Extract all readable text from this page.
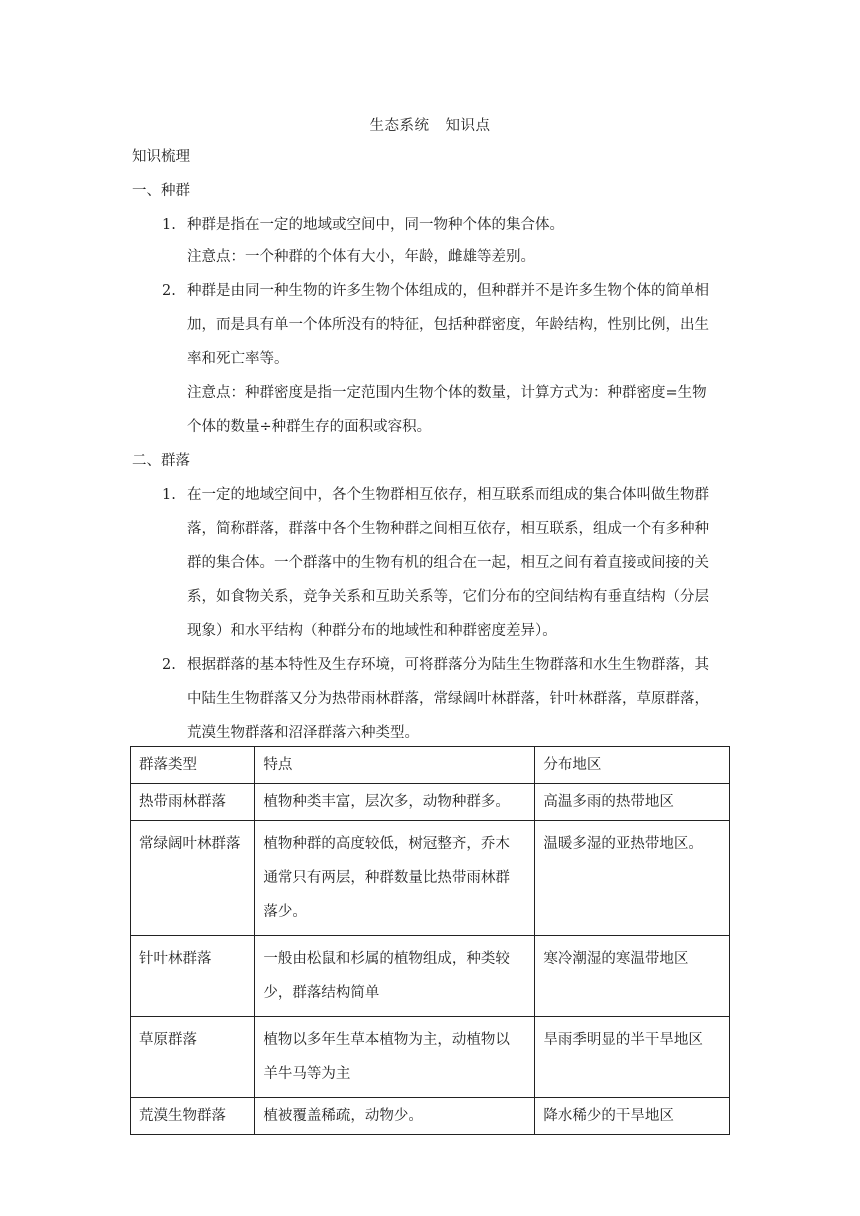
生态系统 知识点
知识梳理
一、种群
1. 种群是指在一定的地域或空间中，同一物种个体的集合体。
注意点：一个种群的个体有大小，年龄，雌雄等差别。
2. 种群是由同一种生物的许多生物个体组成的，但种群并不是许多生物个体的简单相
加，而是具有单一个体所没有的特征，包括种群密度，年龄结构，性别比例，出生
率和死亡率等。
注意点：种群密度是指一定范围内生物个体的数量，计算方式为：种群密度=生物
个体的数量÷种群生存的面积或容积。
二、群落
1. 在一定的地域空间中，各个生物群相互依存，相互联系而组成的集合体叫做生物群
落，简称群落，群落中各个生物种群之间相互依存，相互联系，组成一个有多种种
群的集合体。一个群落中的生物有机的组合在一起，相互之间有着直接或间接的关
系，如食物关系，竞争关系和互助关系等，它们分布的空间结构有垂直结构（分层
现象）和水平结构（种群分布的地域性和种群密度差异）。
2. 根据群落的基本特性及生存环境，可将群落分为陆生生物群落和水生生物群落，其
中陆生生物群落又分为热带雨林群落，常绿阔叶林群落，针叶林群落，草原群落，
荒漠生物群落和沼泽群落六种类型。
群落类型	特点	分布地区
热带雨林群落	植物种类丰富，层次多，动物种群多。	高温多雨的热带地区
常绿阔叶林群落	植物种群的高度较低，树冠整齐，乔木
通常只有两层，种群数量比热带雨林群
落少。	温暖多湿的亚热带地区。
针叶林群落	一般由松鼠和杉属的植物组成，种类较
少，群落结构简单	寒冷潮湿的寒温带地区
草原群落	植物以多年生草本植物为主，动植物以
羊牛马等为主	旱雨季明显的半干旱地区
荒漠生物群落	植被覆盖稀疏，动物少。	降水稀少的干旱地区
